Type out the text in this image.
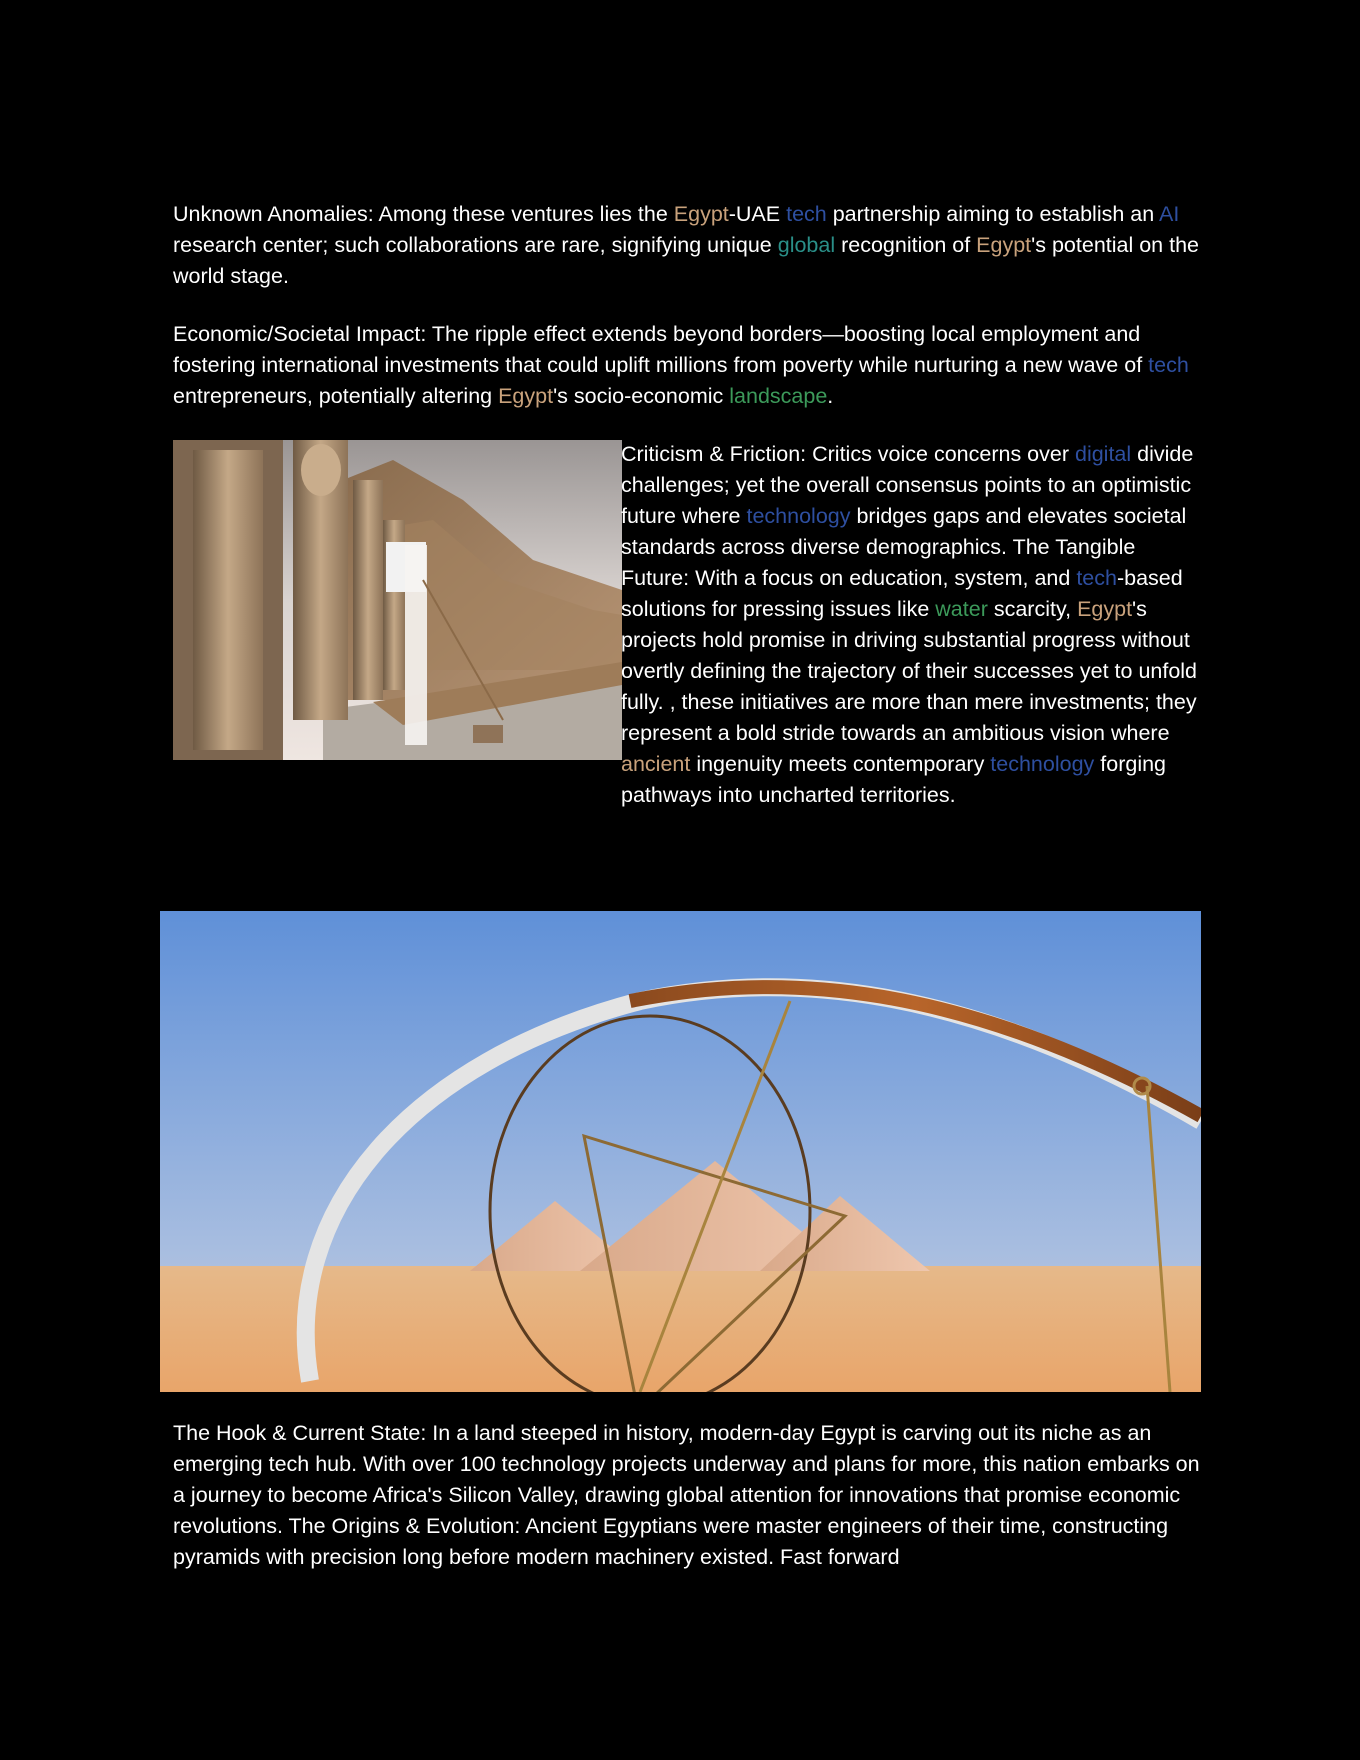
Unknown Anomalies: Among these ventures lies the Egypt-UAE tech partnership aiming to establish an AI research center; such collaborations are rare, signifying unique global recognition of Egypt's potential on the world stage.

Economic/Societal Impact: The ripple effect extends beyond borders—boosting local employment and fostering international investments that could uplift millions from poverty while nurturing a new wave of tech entrepreneurs, potentially altering Egypt's socio-economic landscape.

Criticism & Friction: Critics voice concerns over digital divide challenges; yet the overall consensus points to an optimistic future where technology bridges gaps and elevates societal standards across diverse demographics. The Tangible Future: With a focus on education, system, and tech-based solutions for pressing issues like water scarcity, Egypt's projects hold promise in driving substantial progress without overtly defining the trajectory of their successes yet to unfold fully. , these initiatives are more than mere investments; they represent a bold stride towards an ambitious vision where ancient ingenuity meets contemporary technology forging pathways into uncharted territories.

The Hook & Current State: In a land steeped in history, modern-day Egypt is carving out its niche as an emerging tech hub. With over 100 technology projects underway and plans for more, this nation embarks on a journey to become Africa's Silicon Valley, drawing global attention for innovations that promise economic revolutions. The Origins & Evolution: Ancient Egyptians were master engineers of their time, constructing pyramids with precision long before modern machinery existed. Fast forward
